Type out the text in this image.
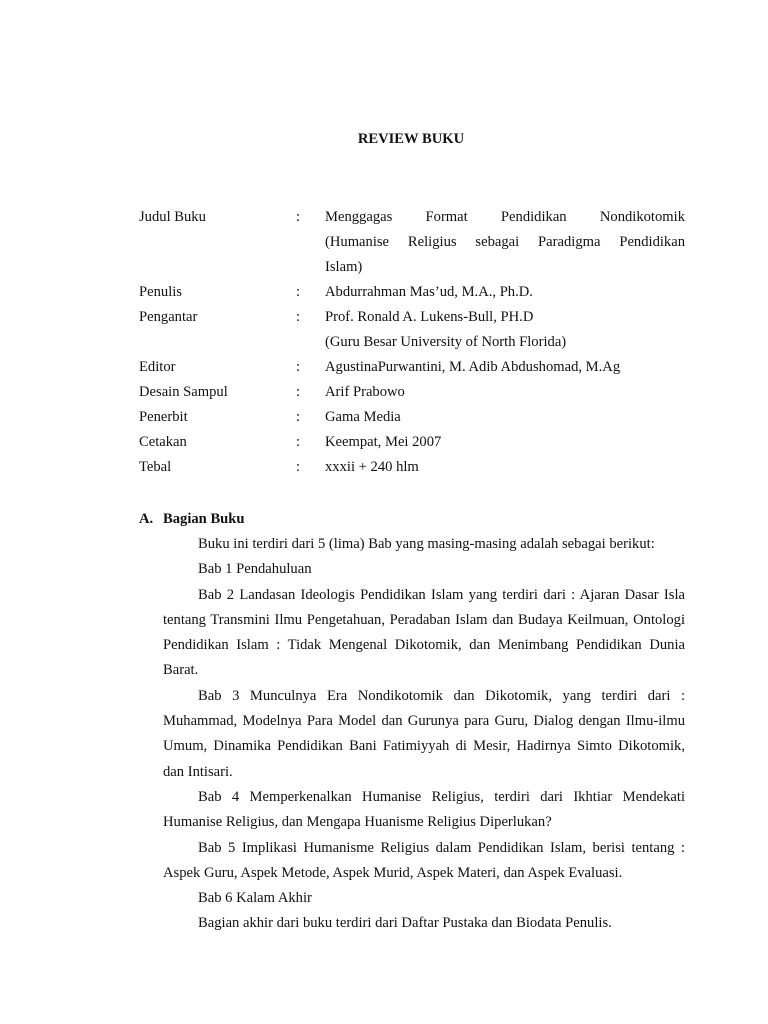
REVIEW BUKU
Judul Buku	:	Menggagas Format Pendidikan Nondikotomik
(Humanise Religius sebagai Paradigma Pendidikan
Islam)
Penulis	:	Abdurrahman Mas’ud, M.A., Ph.D.
Pengantar	:	Prof. Ronald A. Lukens-Bull, PH.D
(Guru Besar University of North Florida)
Editor	:	AgustinaPurwantini, M. Adib Abdushomad, M.Ag
Desain Sampul	:	Arif Prabowo
Penerbit	:	Gama Media
Cetakan	:	Keempat, Mei 2007
Tebal	:	xxxii + 240 hlm
A. Bagian Buku

Buku ini terdiri dari 5 (lima) Bab yang masing-masing adalah sebagai berikut:

Bab 1 Pendahuluan

Bab 2 Landasan Ideologis Pendidikan Islam yang terdiri dari : Ajaran Dasar Isla tentang Transmini Ilmu Pengetahuan, Peradaban Islam dan Budaya Keilmuan, Ontologi Pendidikan Islam : Tidak Mengenal Dikotomik, dan Menimbang Pendidikan Dunia Barat.

Bab 3 Munculnya Era Nondikotomik dan Dikotomik, yang terdiri dari : Muhammad, Modelnya Para Model dan Gurunya para Guru, Dialog dengan Ilmu-ilmu Umum, Dinamika Pendidikan Bani Fatimiyyah di Mesir, Hadirnya Simto Dikotomik, dan Intisari.

Bab 4 Memperkenalkan Humanise Religius, terdiri dari Ikhtiar Mendekati Humanise Religius, dan Mengapa Huanisme Religius Diperlukan?

Bab 5 Implikasi Humanisme Religius dalam Pendidikan Islam, berisi tentang : Aspek Guru, Aspek Metode, Aspek Murid, Aspek Materi, dan Aspek Evaluasi.

Bab 6 Kalam Akhir

Bagian akhir dari buku terdiri dari Daftar Pustaka dan Biodata Penulis.
